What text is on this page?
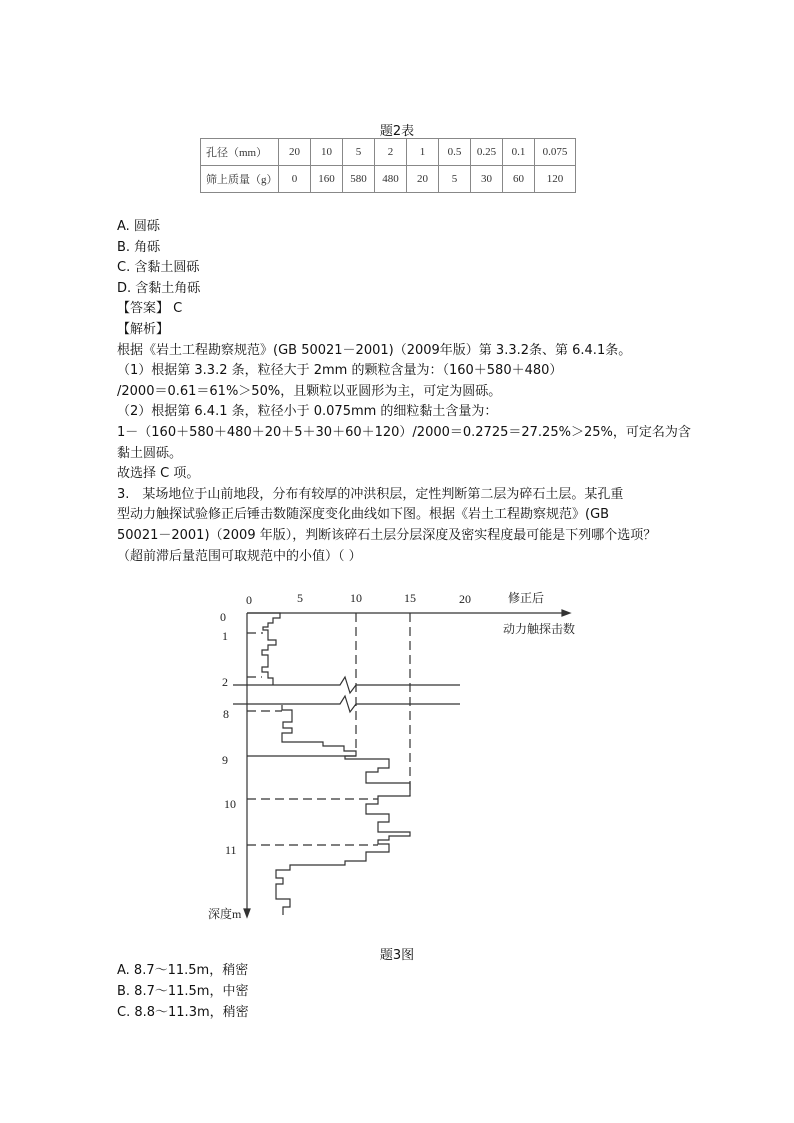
题2表
孔径（mm）	20	10	5	2	1	0.5	0.25	0.1	0.075
筛上质量（g）	0	160	580	480	20	5	30	60	120
A. 圆砾
B. 角砾
C. 含黏土圆砾
D. 含黏土角砾
【答案】 C
【解析】
根据《岩土工程勘察规范》(GB 50021－2001)（2009年版）第 3.3.2条、第 6.4.1条。
（1）根据第 3.3.2 条，粒径大于 2mm 的颗粒含量为：（160＋580＋480）
/2000＝0.61＝61%＞50%，且颗粒以亚圆形为主，可定为圆砾。
（2）根据第 6.4.1 条，粒径小于 0.075mm 的细粒黏土含量为：
1－（160＋580＋480＋20＋5＋30＋60＋120）/2000＝0.2725＝27.25%＞25%，可定名为含
黏土圆砾。
故选择 C 项。
3.　某场地位于山前地段，分布有较厚的冲洪积层，定性判断第二层为碎石土层。某孔重
型动力触探试验修正后锤击数随深度变化曲线如下图。根据《岩土工程勘察规范》(GB
50021－2001)（2009 年版），判断该碎石土层分层深度及密实程度最可能是下列哪个选项？
（超前滞后量范围可取规范中的小值）（ ）
0	5	10	15	20	修正后
动力触探击数
0
1
2
8
9
10
11
深度m
题3图
A. 8.7～11.5m，稍密
B. 8.7～11.5m，中密
C. 8.8～11.3m，稍密
